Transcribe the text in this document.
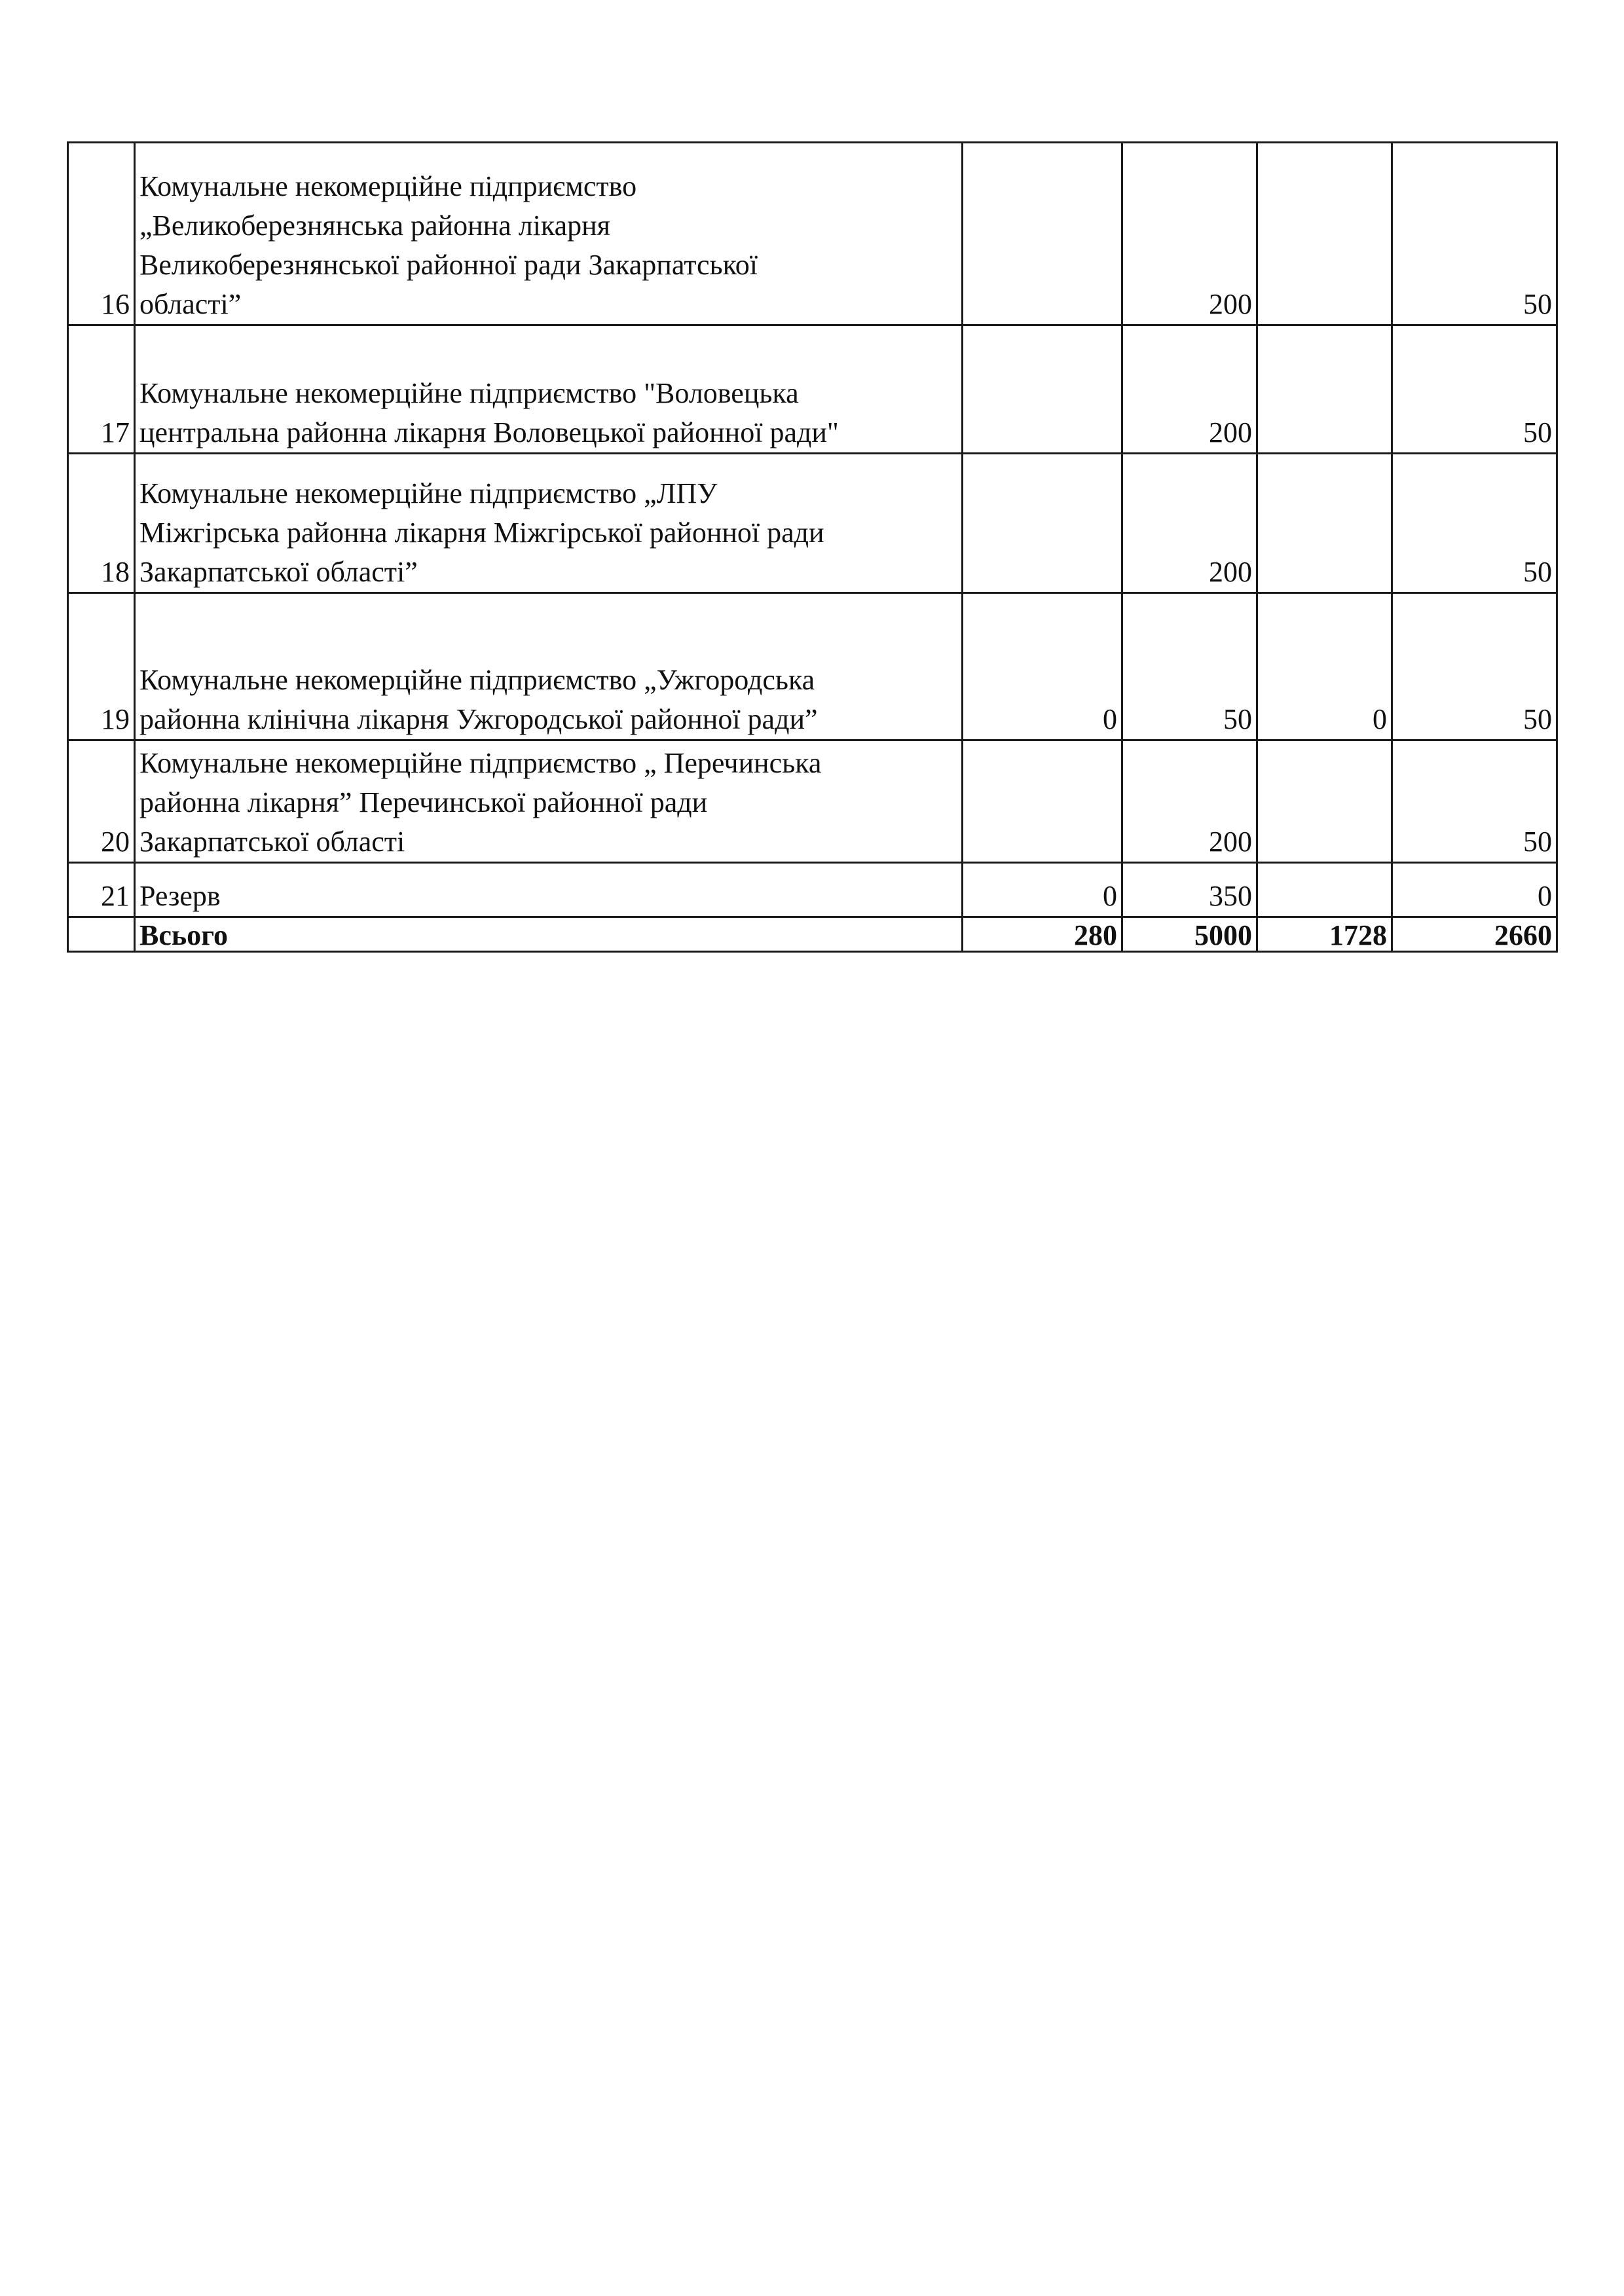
16	Комунальне некомерційне підприємство
„Великоберезнянська районна лікарня
Великоберезнянської районної ради Закарпатської
області”		200		50
17	Комунальне некомерційне підприємство "Воловецька
центральна районна лікарня Воловецької районної ради"		200		50
18	Комунальне некомерційне підприємство „ЛПУ
Міжгірська районна лікарня Міжгірської районної ради
Закарпатської області”		200		50
19	Комунальне некомерційне підприємство „Ужгородська
районна клінічна лікарня Ужгородської районної ради”	0	50	0	50
20	Комунальне некомерційне підприємство „ Перечинська
районна лікарня” Перечинської районної ради
Закарпатської області		200		50
21	Резерв	0	350		0
	Всього	280	5000	1728	2660
